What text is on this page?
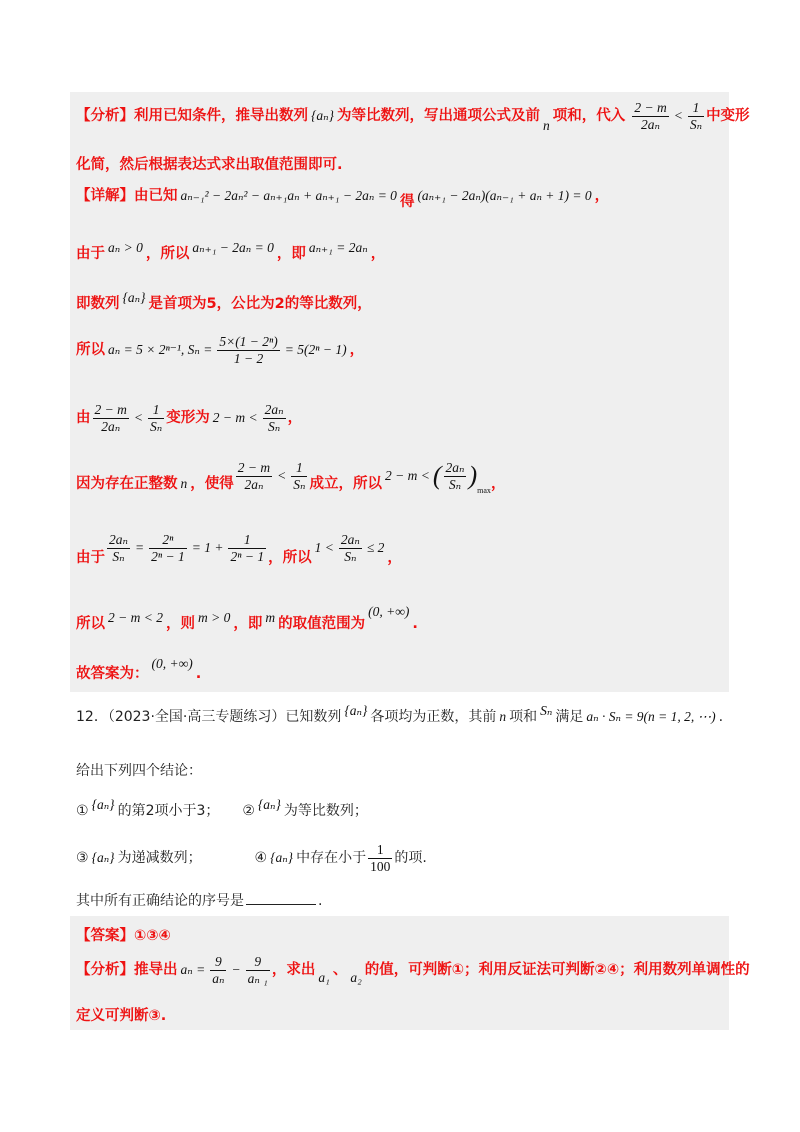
【分析】利用已知条件，推导出数列 {aₙ} 为等比数列，写出通项公式及前n项和，代入 $\frac{2 - m}{\text{2aₙ}} < \frac{1}{\text{Sₙ}}$ 中变形
化简，然后根据表达式求出取值范围即可.
【详解】由已知 aₙ₋₁² − 2aₙ² − aₙ₊₁aₙ + aₙ₊₁ − 2aₙ = 0 得 (aₙ₊₁ − 2aₙ)(aₙ₋₁ + aₙ + 1) = 0 ，
由于 aₙ > 0 ，所以 aₙ₊₁ − 2aₙ = 0 ，即 aₙ₊₁ = 2aₙ ，
即数列 {aₙ} 是首项为5，公比为2的等比数列，
所以 aₙ = 5 × 2ⁿ⁻¹, $S_n = \frac{\text{5×(1 − 2ⁿ)}}{1 - 2} = 5(2^n - 1)$ ，
由 $\frac{2 - m}{\text{2aₙ}} < \frac{1}{\text{Sₙ}}$ 变形为 $2 - m < \frac{\text{2aₙ}}{\text{Sₙ}}$ ，
因为存在正整数 n ，使得 $\frac{2 - m}{\text{2aₙ}} < \frac{1}{\text{Sₙ}}$ 成立，所以2 − m < ( $\frac{\text{2aₙ}}{\text{Sₙ}} )\max$，
由于 $\frac{\text{2aₙ}}{\text{Sₙ}} = \frac{\text{2ⁿ}}{\text{2ⁿ − 1}} = 1 + \frac{1}{\text{2ⁿ − 1}}$ ，所以$1 < \frac{\text{2aₙ}}{\text{Sₙ}} \le 2$，
所以 2 − m < 2 ，则 m > 0 ，即 m 的取值范围为(0, +∞).
故答案为：(0, +∞).
12．（2023·全国·高三专题练习）已知数列 {aₙ} 各项均为正数，其前 n 项和 Sₙ 满足 aₙ · Sₙ = 9(n = 1, 2, ⋯) .
给出下列四个结论：
① {aₙ} 的第2项小于3； ② {aₙ} 为等比数列；
③ {aₙ} 为递减数列；	④ {aₙ} 中存在小于 $\frac{1}{100}$ 的项.
其中所有正确结论的序号是	.
【答案】①③④
【分析】推导出 $a_n = \frac{9}{\text{aₙ}} - \frac{9}{\text{aₙ ₁}}$ ，求出 a₁ 、 a₂ 的值，可判断①；利用反证法可判断②④；利用数列单调性的
定义可判断③.
